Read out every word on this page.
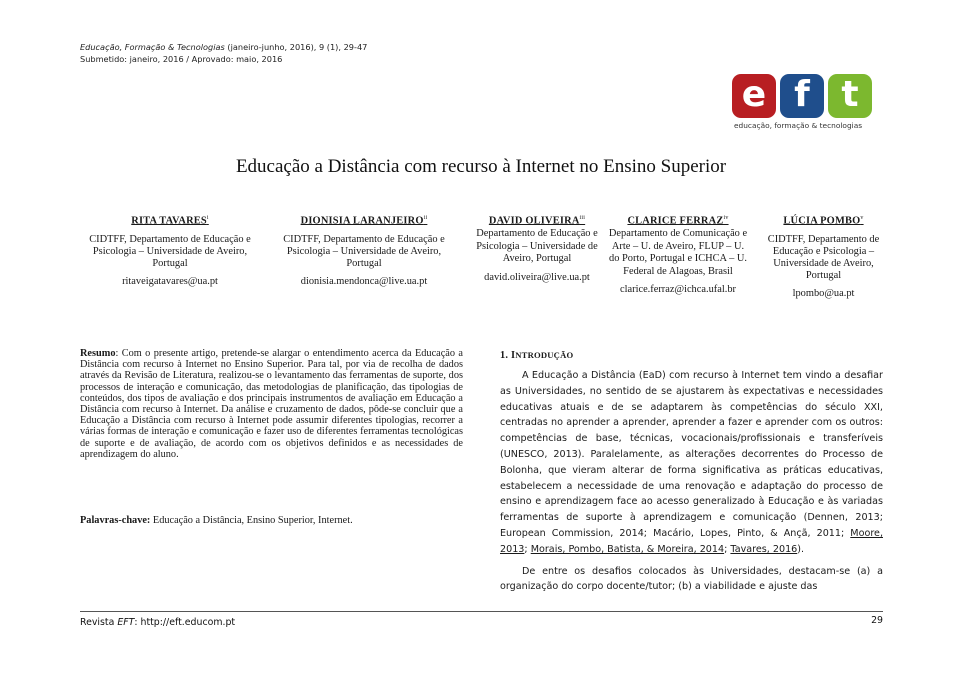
Educação, Formação & Tecnologias (janeiro-junho, 2016), 9 (1), 29-47
Submetido: janeiro, 2016 / Aprovado: maio, 2016
e f t
educação, formação & tecnologias
Educação a Distância com recurso à Internet no Ensino Superior
RITA TAVARES$^i$
CIDTFF, Departamento de Educação e Psicologia – Universidade de Aveiro, Portugal
ritaveigatavares@ua.pt
DIONISIA LARANJEIRO$^{ii}$
CIDTFF, Departamento de Educação e Psicologia – Universidade de Aveiro, Portugal
dionisia.mendonca@live.ua.pt
DAVID OLIVEIRA$^{iii}$
Departamento de Educação e Psicologia – Universidade de Aveiro, Portugal
david.oliveira@live.ua.pt
CLARICE FERRAZ$^{iv}$
Departamento de Comunicação e Arte – U. de Aveiro, FLUP – U. do Porto, Portugal e ICHCA – U. Federal de Alagoas, Brasil
clarice.ferraz@ichca.ufal.br
LÚCIA POMBO$^v$
CIDTFF, Departamento de Educação e Psicologia – Universidade de Aveiro, Portugal
lpombo@ua.pt
Resumo: Com o presente artigo, pretende-se alargar o entendimento acerca da Educação a Distância com recurso à Internet no Ensino Superior. Para tal, por via de recolha de dados através da Revisão de Literatura, realizou-se o levantamento das ferramentas de suporte, dos processos de interação e comunicação, das metodologias de planificação, das tipologias de conteúdos, dos tipos de avaliação e dos principais instrumentos de avaliação em Educação a Distância com recurso à Internet. Da análise e cruzamento de dados, pôde-se concluir que a Educação a Distância com recurso à Internet pode assumir diferentes tipologias, recorrer a várias formas de interação e comunicação e fazer uso de diferentes ferramentas tecnológicas de suporte e de avaliação, de acordo com os objetivos definidos e as necessidades de aprendizagem do aluno.
Palavras-chave: Educação a Distância, Ensino Superior, Internet.
1. INTRODUÇÃO

A Educação a Distância (EaD) com recurso à Internet tem vindo a desafiar as Universidades, no sentido de se ajustarem às expectativas e necessidades educativas atuais e de se adaptarem às competências do século XXI, centradas no aprender a aprender, aprender a fazer e aprender com os outros: competências de base, técnicas, vocacionais/profissionais e transferíveis (UNESCO, 2013). Paralelamente, as alterações decorrentes do Processo de Bolonha, que vieram alterar de forma significativa as práticas educativas, estabelecem a necessidade de uma renovação e adaptação do processo de ensino e aprendizagem face ao acesso generalizado à Educação e às variadas ferramentas de suporte à aprendizagem e comunicação (Dennen, 2013; European Commission, 2014; Macário, Lopes, Pinto, & Ançã, 2011; Moore, 2013; Morais, Pombo, Batista, & Moreira, 2014; Tavares, 2016).

De entre os desafios colocados às Universidades, destacam-se (a) a organização do corpo docente/tutor; (b) a viabilidade e ajuste das

Revista EFT: http://eft.educom.pt	29
